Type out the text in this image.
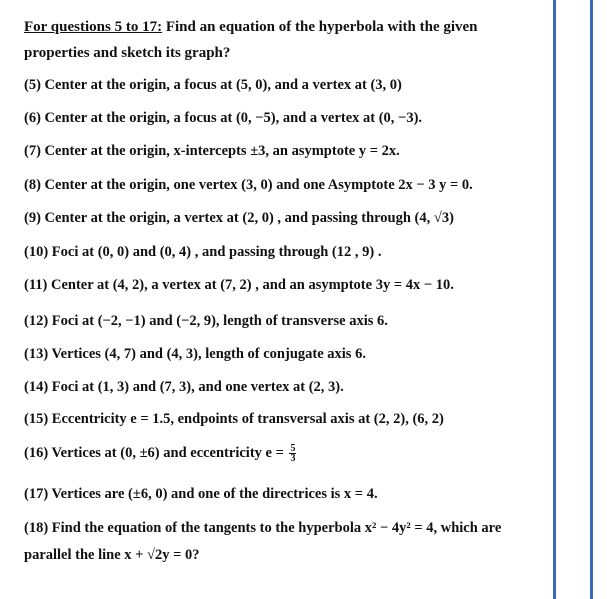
For questions 5 to 17: Find an equation of the hyperbola with the given properties and sketch its graph?
(5) Center at the origin, a focus at (5, 0), and a vertex at (3, 0)
(6) Center at the origin, a focus at (0, −5), and a vertex at (0, −3).
(7) Center at the origin, x-intercepts ±3, an asymptote y = 2x.
(8) Center at the origin, one vertex (3, 0) and one Asymptote 2x − 3 y = 0.
(9) Center at the origin, a vertex at (2, 0) , and passing through (4, √3)
(10) Foci at (0, 0) and (0, 4) , and passing through (12 , 9) .
(11) Center at (4, 2), a vertex at (7, 2) , and an asymptote 3y = 4x − 10.
(12) Foci at (−2, −1) and (−2, 9), length of transverse axis 6.
(13) Vertices (4, 7) and (4, 3), length of conjugate axis 6.
(14) Foci at (1, 3) and (7, 3), and one vertex at (2, 3).
(15) Eccentricity e = 1.5, endpoints of transversal axis at (2, 2), (6, 2)
(16) Vertices at (0, ±6) and eccentricity $e = \frac{5}{3}$
(17) Vertices are (±6, 0) and one of the directrices is x = 4.
(18) Find the equation of the tangents to the hyperbola x² − 4y² = 4, which are parallel the line x + √2y = 0?
